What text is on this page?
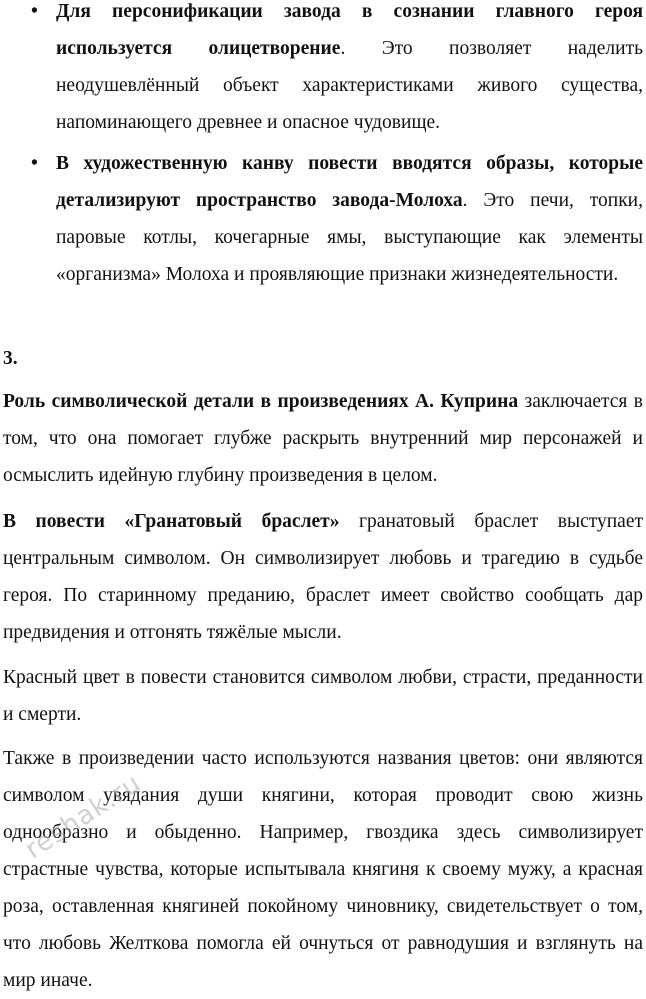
• Для персонификации завода в сознании главного героя используется олицетворение. Это позволяет наделить неодушевлённый объект характеристиками живого существа, напоминающего древнее и опасное чудовище.
• В художественную канву повести вводятся образы, которые детализируют пространство завода-Молоха. Это печи, топки, паровые котлы, кочегарные ямы, выступающие как элементы «организма» Молоха и проявляющие признаки жизнедеятельности.

3.

Роль символической детали в произведениях А. Куприна заключается в том, что она помогает глубже раскрыть внутренний мир персонажей и осмыслить идейную глубину произведения в целом.

В повести «Гранатовый браслет» гранатовый браслет выступает центральным символом. Он символизирует любовь и трагедию в судьбе героя. По старинному преданию, браслет имеет свойство сообщать дар предвидения и отгонять тяжёлые мысли.

Красный цвет в повести становится символом любви, страсти, преданности и смерти.

Также в произведении часто используются названия цветов: они являются символом увядания души княгини, которая проводит свою жизнь однообразно и обыденно. Например, гвоздика здесь символизирует страстные чувства, которые испытывала княгиня к своему мужу, а красная роза, оставленная княгиней покойному чиновнику, свидетельствует о том, что любовь Желткова помогла ей очнуться от равнодушия и взглянуть на мир иначе.

reshak.ru
